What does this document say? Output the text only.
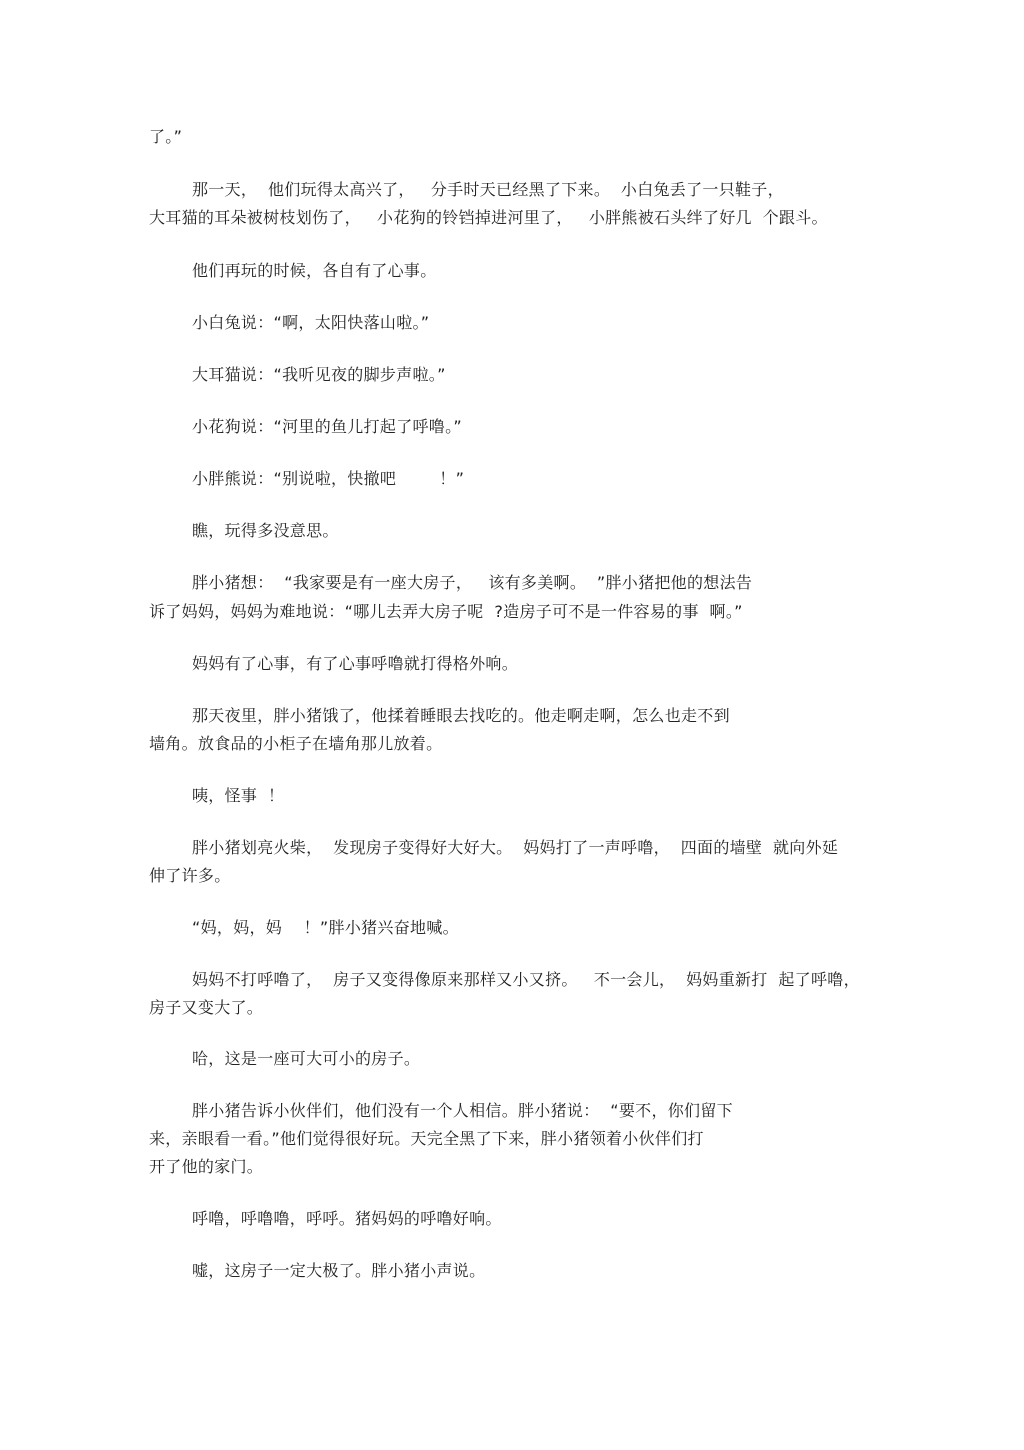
了。”
那一天，  他们玩得太高兴了，   分手时天已经黑了下来。  小白兔丢了一只鞋子，
大耳猫的耳朵被树枝划伤了，   小花狗的铃铛掉进河里了，   小胖熊被石头绊了好几  个跟斗。
他们再玩的时候，各自有了心事。
小白兔说：“啊，太阳快落山啦。”
大耳猫说：“我听见夜的脚步声啦。”
小花狗说：“河里的鱼儿打起了呼噜。”
小胖熊说：“别说啦，快撤吧        ！”
瞧，玩得多没意思。
胖小猪想：  “我家要是有一座大房子，   该有多美啊。  ”胖小猪把他的想法告
诉了妈妈，妈妈为难地说：“哪儿去弄大房子呢  ?造房子可不是一件容易的事  啊。”
妈妈有了心事，有了心事呼噜就打得格外响。
那天夜里，胖小猪饿了，他揉着睡眼去找吃的。他走啊走啊，怎么也走不到
墙角。放食品的小柜子在墙角那儿放着。
咦，怪事  ！
胖小猪划亮火柴，  发现房子变得好大好大。  妈妈打了一声呼噜，  四面的墙壁  就向外延
伸了许多。
“妈，妈，妈    ！”胖小猪兴奋地喊。
妈妈不打呼噜了，  房子又变得像原来那样又小又挤。   不一会儿，  妈妈重新打  起了呼噜，
房子又变大了。
哈，这是一座可大可小的房子。
胖小猪告诉小伙伴们，他们没有一个人相信。胖小猪说：  “要不，你们留下
来，亲眼看一看。”他们觉得很好玩。天完全黑了下来，胖小猪领着小伙伴们打
开了他的家门。
呼噜，呼噜噜，呼呼。猪妈妈的呼噜好响。
嘘，这房子一定大极了。胖小猪小声说。
